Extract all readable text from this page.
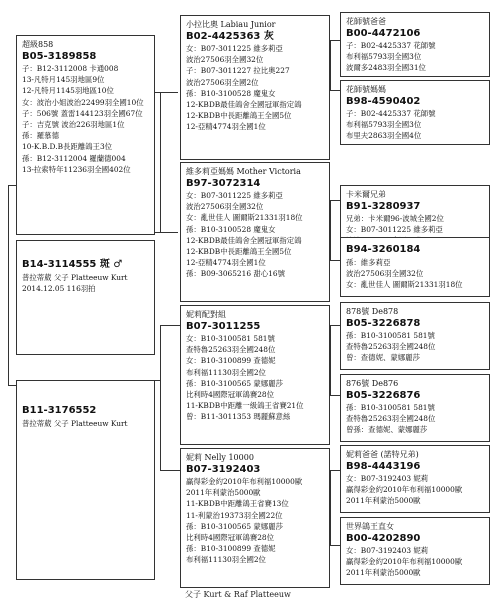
B11-3176552
普拉蒂葳 父子 Platteeuw Kurt
B14-3114555 斑 ♂
普拉蒂葳 父子 Platteeuw Kurt
2014.12.05 116羽拍
超級858
B05-3189858
子：B12-3112008 卡通008
13-凡特月145羽地區9位
12-凡特月1145羽地區10位
女：波治小姐波治22499羽全國10位
子：506號 蓋雷144123羽全國67位
子：吉克號 波治226羽地區1位
孫：羅慕德
10-K.B.D.B長距離鴿王3位
孫：B12-3112004 羅蘭德004
13-拉索特年11236羽全國402位
小拉比奧 Labiau Junior
B02-4425363 灰
女：B07-3011225 維多莉亞
波治27506羽全國32位
子：B07-3011227 拉比奧227
波治27506羽全國2位
孫：B10-3100528 魔鬼女
12-KBDB最佳鴿舍全國冠軍指定鴿
12-KBDB中長距離鴿王全國5位
12-亞精4774羽全國1位
維多莉亞媽媽 Mother Victoria
B97-3072314
女：B07-3011225 維多莉亞
波治27506羽全國32位
女：亂世佳人 圖爾斯21331羽18位
孫：B10-3100528 魔鬼女
12-KBDB最佳鴿舍全國冠軍指定鴿
12-KBDB中長距離鴿王全國5位
12-亞精4774羽全國1位
孫：B09-3065216 甜心16號
妮莉配對組
B07-3011255
女：B10-3100581 581號
查特魯25263羽全國248位
女：B10-3100899 查德妮
布利福11130羽全國2位
孫：B10-3100565 蒙娜麗莎
比利時4國際冠軍鴿賽28位
11-KBDB中距離一級鴿王省賽21位
曾：B11-3011353 瑪麗蘇意絲
妮莉 Nelly 10000
B07-3192403
贏得彩金約2010年布利福10000歐
2011年利蒙治5000歐
11-KBDB中距離鴿王省賽13位
11-利蒙治19373羽全國22位
孫：B10-3100565 蒙娜麗莎
比利時4國際冠軍鴿賽28位
孫：B10-3100899 查德妮
布利福11130羽全國2位
花師號爸爸
B00-4472106
子：B02-4425337 花師號
布利福5793羽全國3位
波爾多2483羽全國31位
花師號媽媽
B98-4590402
子：B02-4425337 花師號
布利福5793羽全國3位
布里夫2863羽全國4位
卡米爾兄弟
B91-3280937
兄弟：卡米爾96-波城全國2位
女：B07-3011225 維多莉亞
B94-3260184
孫：維多莉亞
波治27506羽全國32位
女：亂世佳人 圖爾斯21331羽18位
878號 De878
B05-3226878
孫：B10-3100581 581號
查特魯25263羽全國248位
曾：查德妮、蒙娜麗莎
876號 De876
B05-3226876
孫：B10-3100581 581號
查特魯25263羽全國248位
曾孫：查德妮、蒙娜麗莎
妮莉爸爸 (諾特兄弟)
B98-4443196
女：B07-3192403 妮莉
贏得彩金約2010年布利福10000歐
2011年利蒙治5000歐
世界鴿王直女
B00-4202890
女：B07-3192403 妮莉
贏得彩金約2010年布利福10000歐
2011年利蒙治5000歐
父子 Kurt & Raf Platteeuw
